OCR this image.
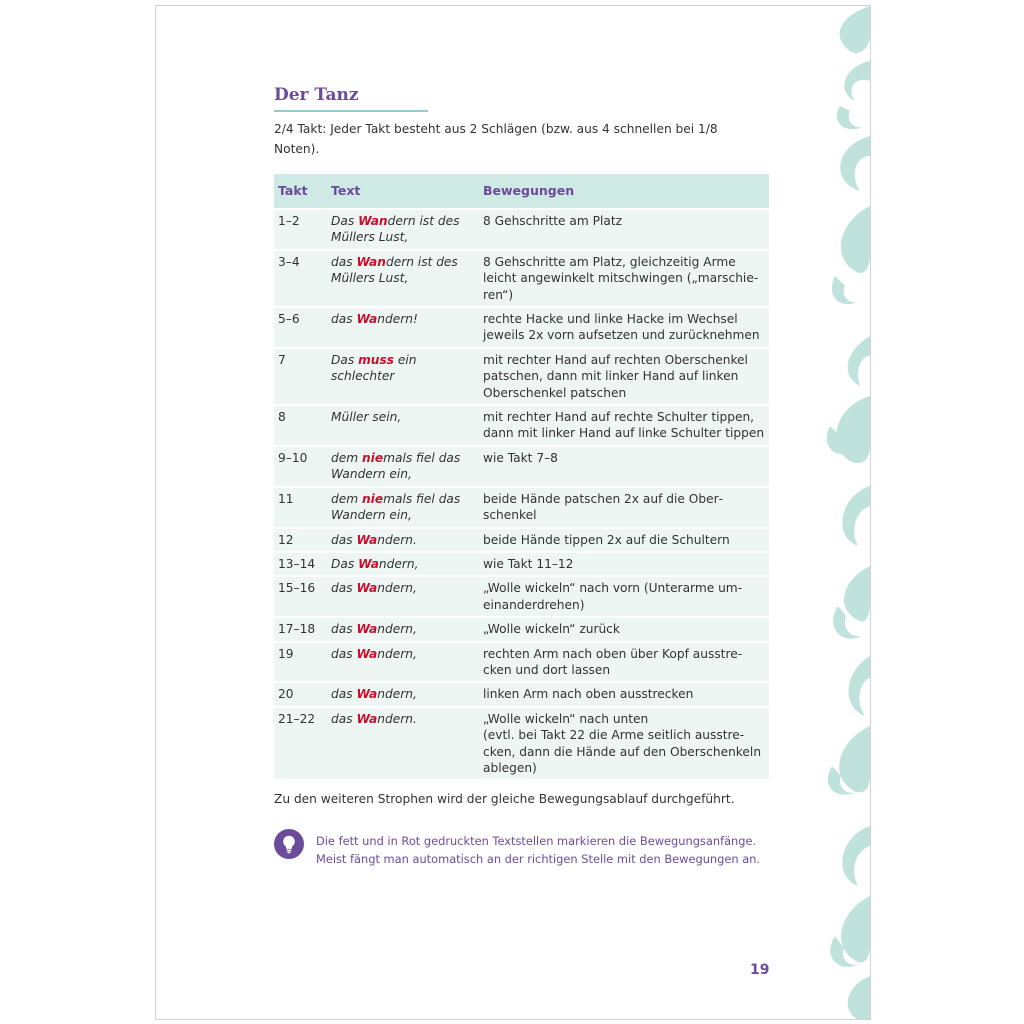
Der Tanz

2/4 Takt: Jeder Takt besteht aus 2 Schlägen (bzw. aus 4 schnellen bei 1/8 Noten).

Takt	Text	Bewegungen
1–2	Das Wandern ist des Müllers Lust,	8 Gehschritte am Platz
3–4	das Wandern ist des Müllers Lust,	8 Gehschritte am Platz, gleichzeitig Arme leicht angewinkelt mitschwingen („marschieren“)
5–6	das Wandern!	rechte Hacke und linke Hacke im Wechsel jeweils 2x vorn aufsetzen und zurücknehmen
7	Das muss ein schlechter	mit rechter Hand auf rechten Oberschenkel patschen, dann mit linker Hand auf linken Oberschenkel patschen
8	Müller sein,	mit rechter Hand auf rechte Schulter tippen, dann mit linker Hand auf linke Schulter tippen
9–10	dem niemals fiel das Wandern ein,	wie Takt 7–8
11	dem niemals fiel das Wandern ein,	beide Hände patschen 2x auf die Oberschenkel
12	das Wandern.	beide Hände tippen 2x auf die Schultern
13–14	Das Wandern,	wie Takt 11–12
15–16	das Wandern,	„Wolle wickeln“ nach vorn (Unterarme umeinanderdrehen)
17–18	das Wandern,	„Wolle wickeln“ zurück
19	das Wandern,	rechten Arm nach oben über Kopf ausstrecken und dort lassen
20	das Wandern,	linken Arm nach oben ausstrecken
21–22	das Wandern.	„Wolle wickeln“ nach unten
(evtl. bei Takt 22 die Arme seitlich ausstrecken, dann die Hände auf den Oberschenkeln ablegen)

Zu den weiteren Strophen wird der gleiche Bewegungsablauf durchgeführt.

Die fett und in Rot gedruckten Textstellen markieren die Bewegungsanfänge.
Meist fängt man automatisch an der richtigen Stelle mit den Bewegungen an.

19
